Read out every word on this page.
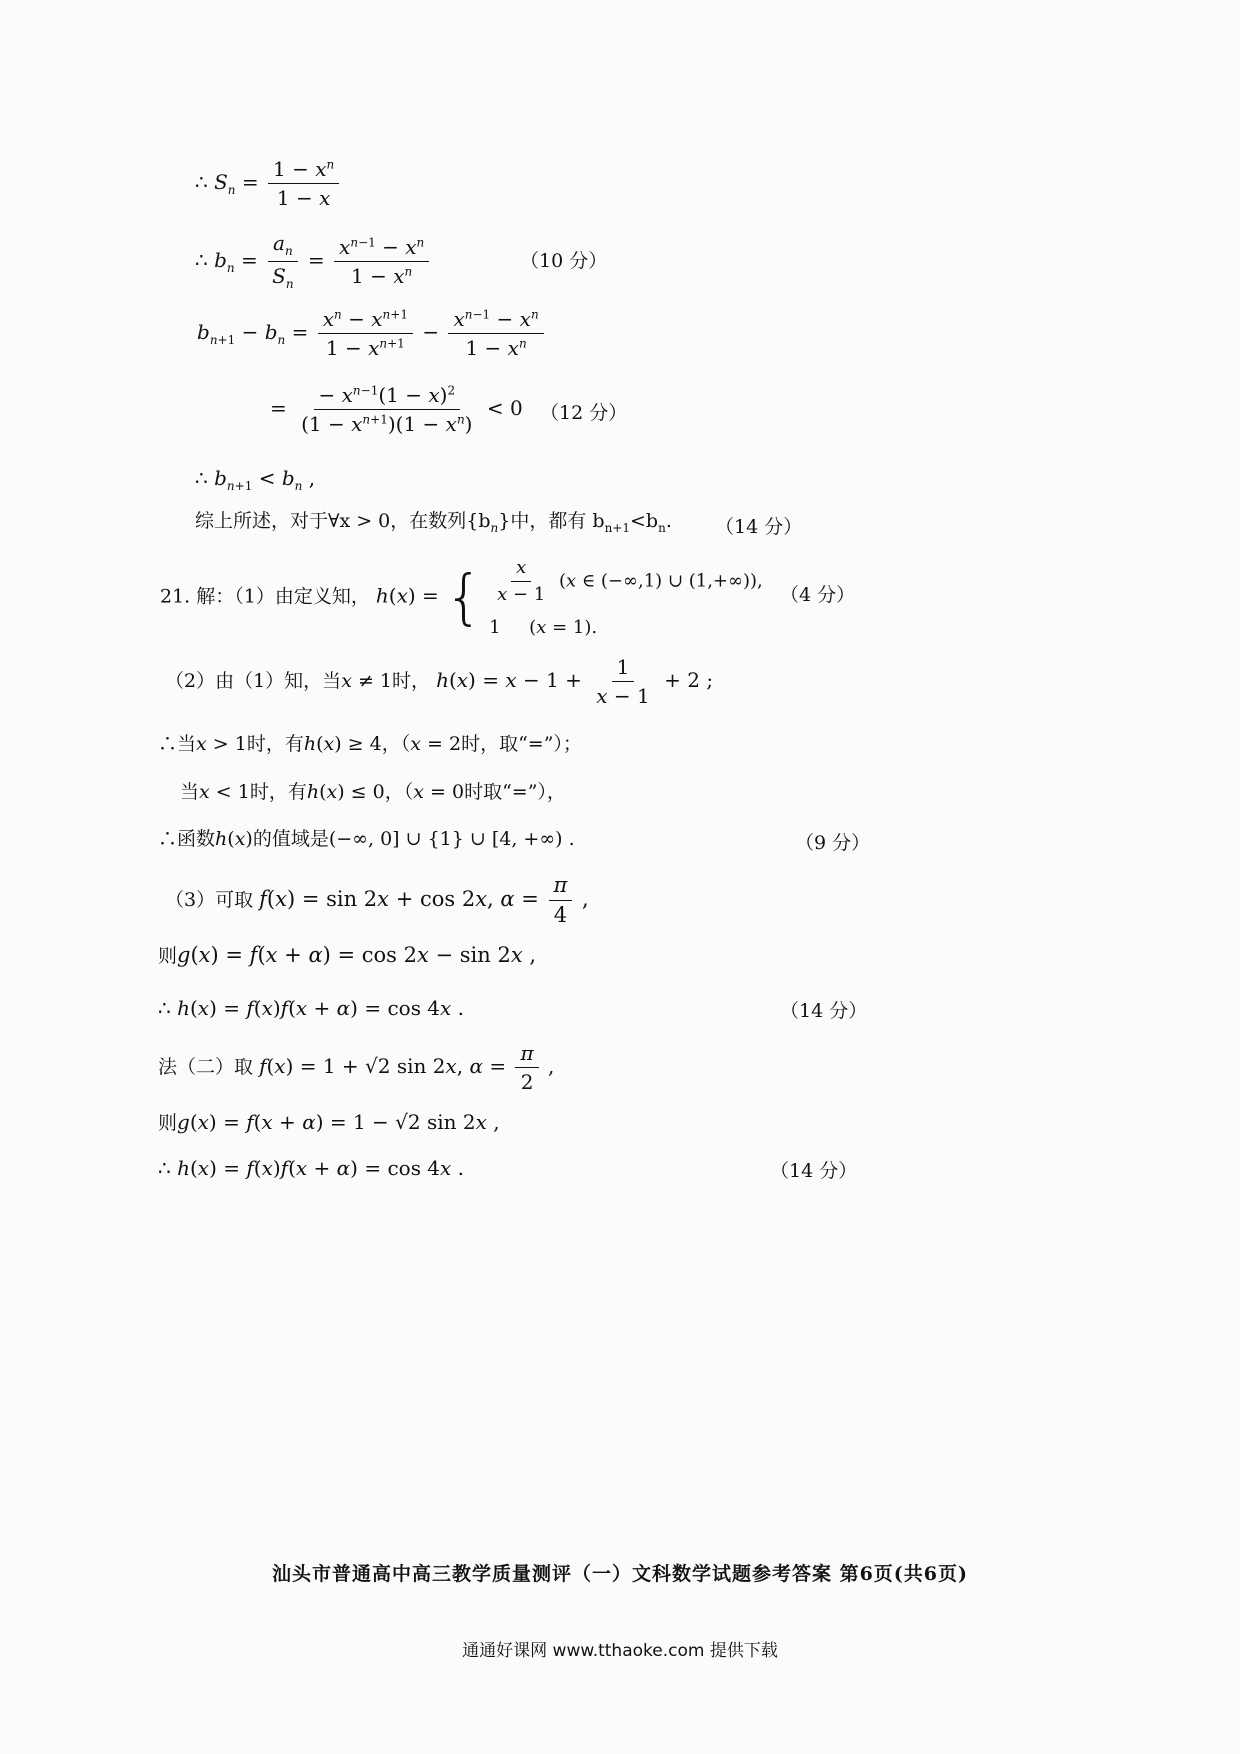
∴ $S_n = \frac{1 - x^n}{1 - x}$
∴ $b_n = \frac{a_n}{S_n} = \frac{x^{n-1} - x^n}{1 - x^n}$	（10 分）
$b_{n+1} - b_n = \frac{x^n - x^{n+1}}{1 - x^{n+1}} - \frac{x^{n-1} - x^n}{1 - x^n}$
= $\frac{- x^{n-1}(1 - x)^2}{(1 - x^{n+1})(1 - x^n)} < 0$ （12 分）
∴ $b_{n+1} < b_n$ ,
综上所述，对于∀x > 0，在数列$\{b_n\}$中，都有 $b_{n+1}<b_n$. （14 分）
21. 解：（1）由定义知， h(x) = { $\frac{x}{x - 1} (x$ ∈ (−∞,1) ∪ (1,+∞)),
1     (x = 1).
（4 分）
（2）由（1）知，当x ≠ 1时， $h(x) = x - 1 + \frac{1}{x - 1} + 2$ ;
∴当x > 1时，有h(x) ≥ 4，（x = 2时，取“=”）；
当x < 1时，有h(x) ≤ 0，（x = 0时取“=”），
∴函数h(x)的值域是(−∞, 0] ∪ {1} ∪ [4, +∞) .	（9 分）
（3）可取 f(x) = sin 2x + cos 2x, $\alpha = \frac{\pi}{4}$ ,
则g(x) = f(x + α) = cos 2x − sin 2x ,
∴ h(x) = f(x)f(x + α) = cos 4x .	（14 分）
法（二）取 f(x) = 1 + √2 sin 2x, $\alpha = \frac{\pi}{2}$ ,
则g(x) = f(x + α) = 1 − √2 sin 2x ,
∴ h(x) = f(x)f(x + α) = cos 4x .	（14 分）
汕头市普通高中高三教学质量测评（一）文科数学试题参考答案 第6页(共6页)
通通好课网 www.tthaoke.com 提供下载
